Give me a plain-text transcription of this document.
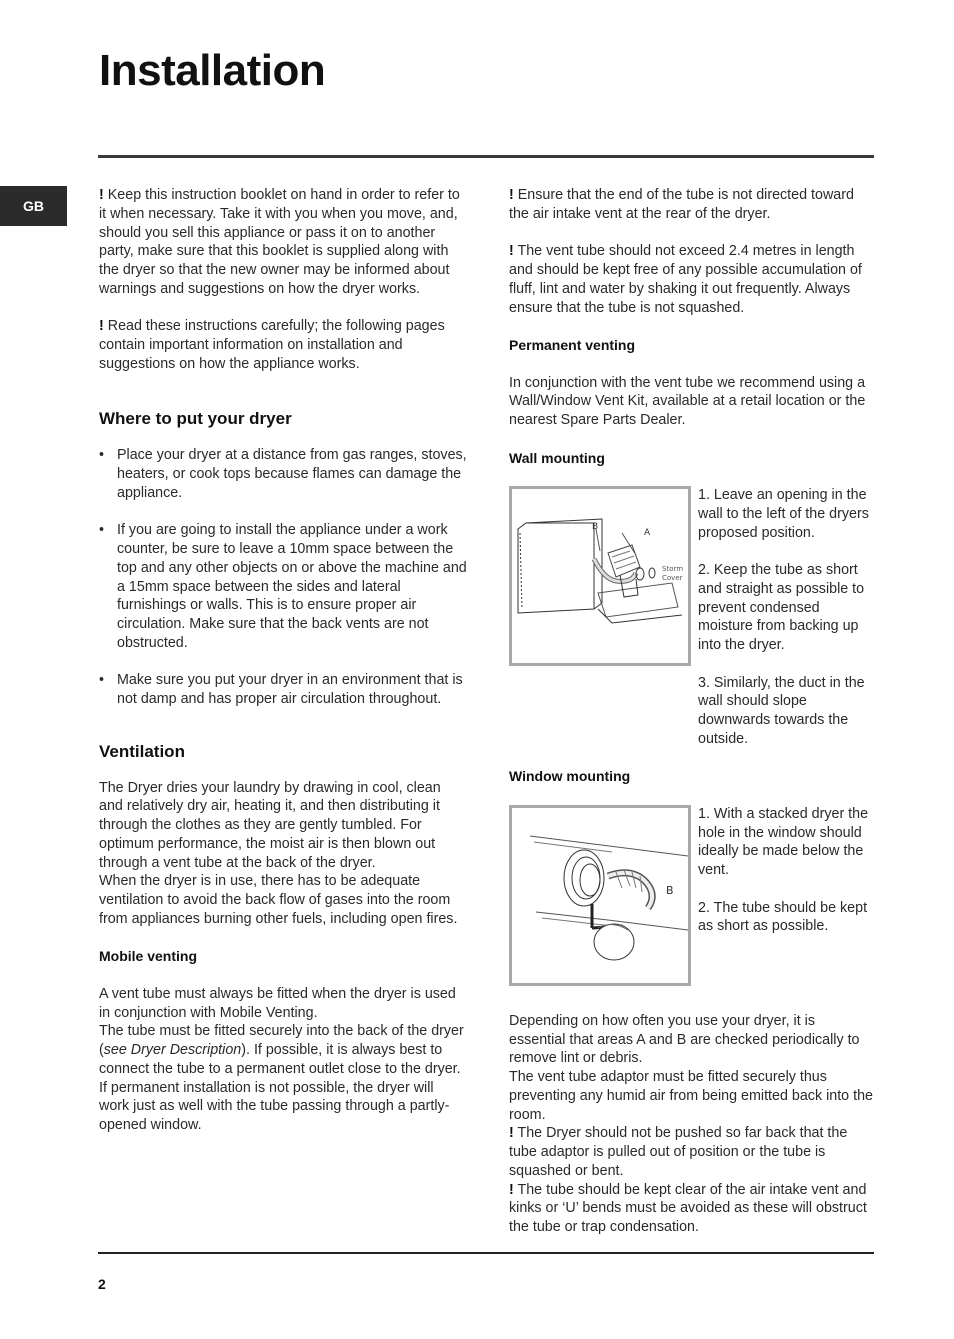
Installation
GB

! Keep this instruction booklet on hand in order to refer to it when necessary. Take it with you when you move, and, should you sell this appliance or pass it on to another party, make sure that this booklet is supplied along with the dryer so that the new owner may be informed about warnings and suggestions on how the dryer works.

! Read these instructions carefully; the following pages contain important information on installation and suggestions on how the appliance works.

Where to put your dryer
• Place your dryer at a distance from gas ranges, stoves, heaters, or cook tops because flames can damage the appliance.
• If you are going to install the appliance under a work counter, be sure to leave a 10mm space between the top and any other objects on or above the machine and a 15mm space between the sides and lateral furnishings or walls. This is to ensure proper air circulation. Make sure that the back vents are not obstructed.
• Make sure you put your dryer in an environment that is not damp and has proper air circulation throughout.
Ventilation

The Dryer dries your laundry by drawing in cool, clean and relatively dry air, heating it, and then distributing it through the clothes as they are gently tumbled. For optimum performance, the moist air is then blown out through a vent tube at the back of the dryer.

When the dryer is in use, there has to be adequate ventilation to avoid the back flow of gases into the room from appliances burning other fuels, including open fires.

Mobile venting

A vent tube must always be fitted when the dryer is used in conjunction with Mobile Venting.

The tube must be fitted securely into the back of the dryer (see Dryer Description). If possible, it is always best to connect the tube to a permanent outlet close to the dryer. If permanent installation is not possible, the dryer will work just as well with the tube passing through a partly-opened window.

! Ensure that the end of the tube is not directed toward the air intake vent at the rear of the dryer.

! The vent tube should not exceed 2.4 metres in length and should be kept free of any possible accumulation of fluff, lint and water by shaking it out frequently. Always ensure that the tube is not squashed.

Permanent venting

In conjunction with the vent tube we recommend using a Wall/Window Vent Kit, available at a retail location or the nearest Spare Parts Dealer.

Wall mounting
B
A
Storm
Cover

1. Leave an opening in the wall to the left of the dryers proposed position.

2. Keep the tube as short and straight as possible to prevent condensed moisture from backing up into the dryer.

3. Similarly, the duct in the wall should slope downwards towards the outside.

Window mounting
B

1. With a stacked dryer the hole in the window should ideally be made below the vent.

2. The tube should be kept as short as possible.

Depending on how often you use your dryer, it is essential that areas A and B are checked periodically to remove lint or debris.

The vent tube adaptor must be fitted securely thus preventing any humid air from being emitted back into the room.

! The Dryer should not be pushed so far back that the tube adaptor is pulled out of position or the tube is squashed or bent.

! The tube should be kept clear of the air intake vent and kinks or ‘U’ bends must be avoided as these will obstruct the tube or trap condensation.

2
